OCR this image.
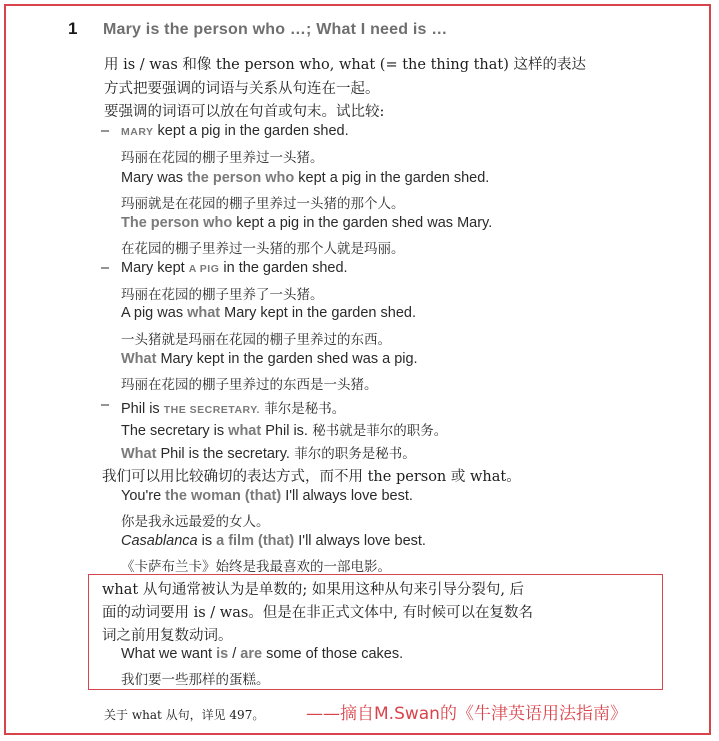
1 Mary is the person who …; What I need is …
用 is / was 和像 the person who, what (= the thing that) 这样的表达
方式把要强调的词语与关系从句连在一起。
要强调的词语可以放在句首或句末。试比较:
– MARY kept a pig in the garden shed.
玛丽在花园的棚子里养过一头猪。
Mary was the person who kept a pig in the garden shed.
玛丽就是在花园的棚子里养过一头猪的那个人。
The person who kept a pig in the garden shed was Mary.
在花园的棚子里养过一头猪的那个人就是玛丽。
– Mary kept A PIG in the garden shed.
玛丽在花园的棚子里养了一头猪。
A pig was what Mary kept in the garden shed.
一头猪就是玛丽在花园的棚子里养过的东西。
What Mary kept in the garden shed was a pig.
玛丽在花园的棚子里养过的东西是一头猪。
– Phil is THE SECRETARY. 菲尔是秘书。
The secretary is what Phil is. 秘书就是菲尔的职务。
What Phil is the secretary. 菲尔的职务是秘书。
我们可以用比较确切的表达方式，而不用 the person 或 what。
You're the woman (that) I'll always love best.
你是我永远最爱的女人。
Casablanca is a film (that) I'll always love best.
《卡萨布兰卡》始终是我最喜欢的一部电影。
what 从句通常被认为是单数的; 如果用这种从句来引导分裂句, 后
面的动词要用 is / was。但是在非正式文体中, 有时候可以在复数名
词之前用复数动词。
What we want is / are some of those cakes.
我们要一些那样的蛋糕。
关于 what 从句，详见 497。 ——摘自M.Swan的《牛津英语用法指南》
